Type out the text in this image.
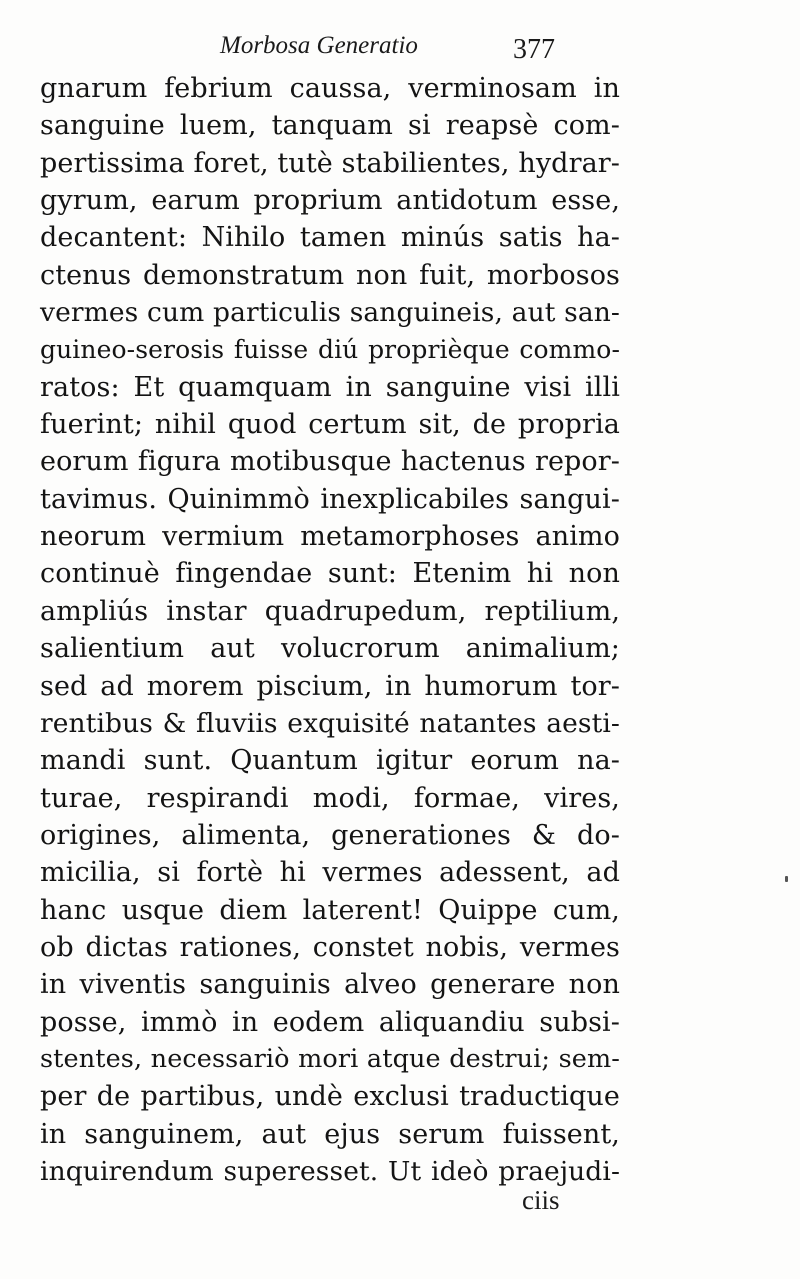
Morbosa Generatio	377
gnarum febrium caussa, verminosam in
sanguine luem, tanquam si reapsè com-
pertissima foret, tutè stabilientes, hydrar-
gyrum, earum proprium antidotum esse,
decantent: Nihilo tamen minús satis ha-
ctenus demonstratum non fuit, morbosos
vermes cum particulis sanguineis, aut san-
guineo-serosis fuisse diú proprièque commo-
ratos: Et quamquam in sanguine visi illi
fuerint; nihil quod certum sit, de propria
eorum figura motibusque hactenus repor-
tavimus. Quinimmò inexplicabiles sangui-
neorum vermium metamorphoses animo
continuè fingendae sunt: Etenim hi non
ampliús instar quadrupedum, reptilium,
salientium aut volucrorum animalium;
sed ad morem piscium, in humorum tor-
rentibus & fluviis exquisité natantes aesti-
mandi sunt. Quantum igitur eorum na-
turae, respirandi modi, formae, vires,
origines, alimenta, generationes & do-
micilia, si fortè hi vermes adessent, ad
hanc usque diem laterent! Quippe cum,
ob dictas rationes, constet nobis, vermes
in viventis sanguinis alveo generare non
posse, immò in eodem aliquandiu subsi-
stentes, necessariò mori atque destrui; sem-
per de partibus, undè exclusi traductique
in sanguinem, aut ejus serum fuissent,
inquirendum superesset. Ut ideò praejudi-
ciis
